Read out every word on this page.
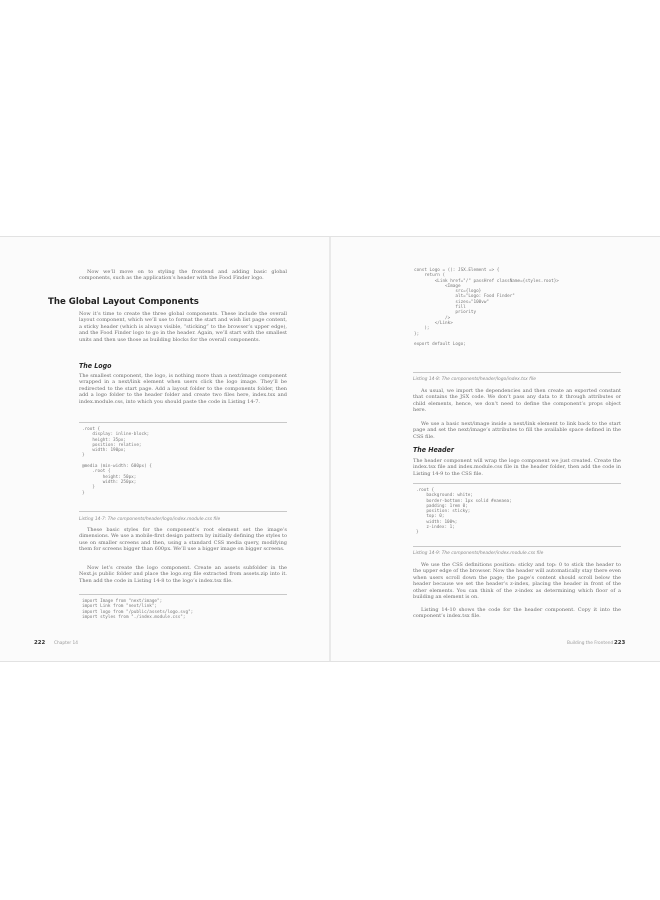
Now we’ll move on to styling the frontend and adding basic global components, such as the application’s header with the Food Finder logo.

The Global Layout Components

Now it’s time to create the three global components. These include the overall layout component, which we’ll use to format the start and wish list page content, a sticky header (which is always visible, “sticking” to the browser’s upper edge), and the Food Finder logo to go in the header. Again, we’ll start with the smallest units and then use those as building blocks for the overall components.

The Logo

The smallest component, the logo, is nothing more than a next/image component wrapped in a next/link element when users click the logo image. They’ll be redirected to the start page. Add a layout folder to the components folder, then add a logo folder to the header folder and create two files here, index.tsx and index.module.css, into which you should paste the code in Listing 14-7.

.root {
display: inline-block;
height: 35px;
position: relative;
width: 190px;
}

@media (min-width: 600px) {
.root {
height: 50px;
width: 250px;
}
}

Listing 14-7: The components/header/logo/index.module.css file

These basic styles for the component’s root element set the image’s dimensions. We use a mobile-first design pattern by initially defining the styles to use on smaller screens and then, using a standard CSS media query, modifying them for screens bigger than 600px. We’ll use a bigger image on bigger screens.

Now let’s create the logo component. Create an assets subfolder in the Next.js public folder and place the logo.svg file extracted from assets.zip into it. Then add the code in Listing 14-8 to the logo’s index.tsx file.

import Image from "next/image";
import Link from "next/link";
import logo from "/public/assets/logo.svg";
import styles from "./index.module.css";
222 Chapter 14
const Logo = (): JSX.Element => {
return (
<Link href="/" passHref className={styles.root}>
<Image
src={logo}
alt="Logo: Food Finder"
sizes="100vw"
fill
priority
/>
</Link>
);
};

export default Logo;

Listing 14-8: The components/header/logo/index.tsx file

As usual, we import the dependencies and then create an exported constant that contains the JSX code. We don’t pass any data to it through attributes or child elements, hence, we don’t need to define the component’s props object here.

We use a basic next/image inside a next/link element to link back to the start page and set the next/image’s attributes to fill the available space defined in the CSS file.

The Header

The header component will wrap the logo component we just created. Create the index.tsx file and index.module.css file in the header folder, then add the code in Listing 14-9 to the CSS file.

.root {
background: white;
border-bottom: 1px solid #eaeaea;
padding: 1rem 0;
position: sticky;
top: 0;
width: 100%;
z-index: 1;
}

Listing 14-9: The components/header/index.module.css file

We use the CSS definitions position: sticky and top: 0 to stick the header to the upper edge of the browser. Now the header will automatically stay there even when users scroll down the page; the page’s content should scroll below the header because we set the header’s z-index, placing the header in front of the other elements. You can think of the z-index as determining which floor of a building an element is on.

Listing 14-10 shows the code for the header component. Copy it into the component’s index.tsx file.

Building the Frontend 223
